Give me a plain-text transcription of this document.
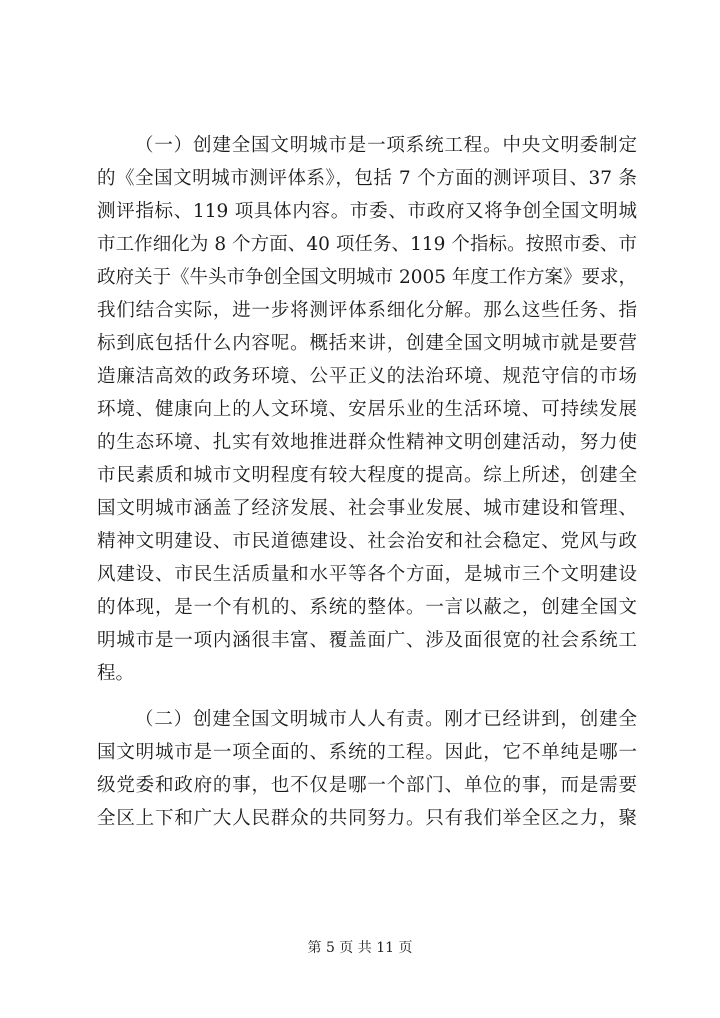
（一）创建全国文明城市是一项系统工程。中央文明委制定
的《全国文明城市测评体系》，包括 7 个方面的测评项目、37 条
测评指标、119 项具体内容。市委、市政府又将争创全国文明城
市工作细化为 8 个方面、40 项任务、119 个指标。按照市委、市
政府关于《牛头市争创全国文明城市 2005 年度工作方案》要求，
我们结合实际，进一步将测评体系细化分解。那么这些任务、指
标到底包括什么内容呢。概括来讲，创建全国文明城市就是要营
造廉洁高效的政务环境、公平正义的法治环境、规范守信的市场
环境、健康向上的人文环境、安居乐业的生活环境、可持续发展
的生态环境、扎实有效地推进群众性精神文明创建活动，努力使
市民素质和城市文明程度有较大程度的提高。综上所述，创建全
国文明城市涵盖了经济发展、社会事业发展、城市建设和管理、
精神文明建设、市民道德建设、社会治安和社会稳定、党风与政
风建设、市民生活质量和水平等各个方面，是城市三个文明建设
的体现，是一个有机的、系统的整体。一言以蔽之，创建全国文
明城市是一项内涵很丰富、覆盖面广、涉及面很宽的社会系统工
程。
（二）创建全国文明城市人人有责。刚才已经讲到，创建全
国文明城市是一项全面的、系统的工程。因此，它不单纯是哪一
级党委和政府的事，也不仅是哪一个部门、单位的事，而是需要
全区上下和广大人民群众的共同努力。只有我们举全区之力，聚
第 5 页 共 11 页
